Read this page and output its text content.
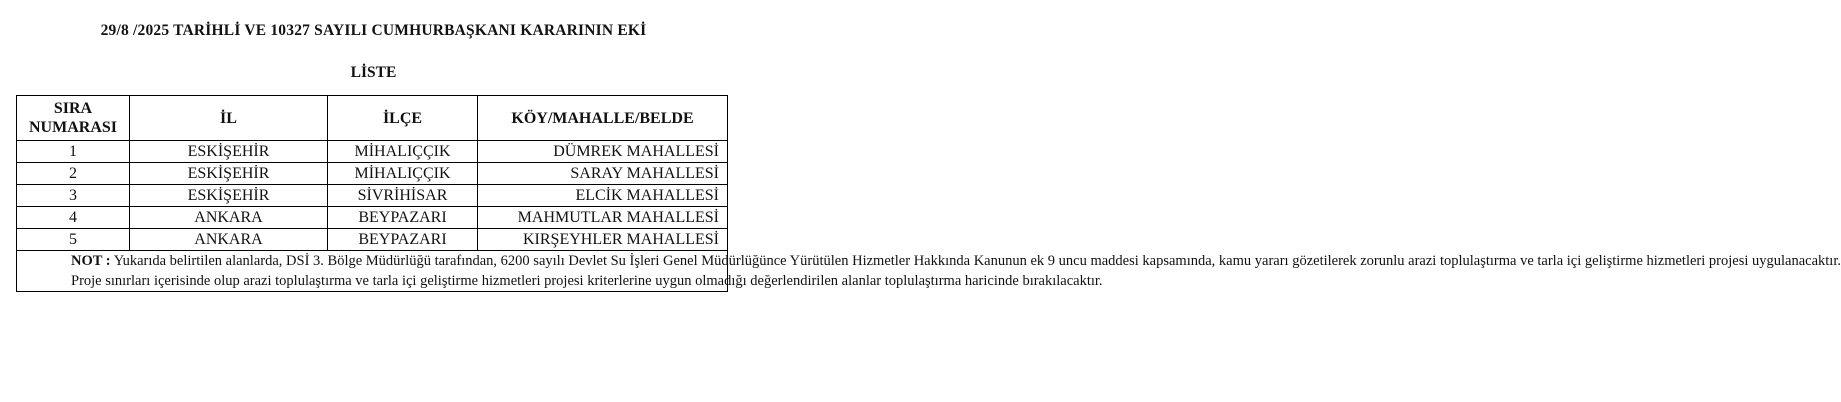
29/8 /2025 TARİHLİ VE 10327 SAYILI CUMHURBAŞKANI KARARININ EKİ
LİSTE
SIRA
NUMARASI	İL	İLÇE	KÖY/MAHALLE/BELDE
1	ESKİŞEHİR	MİHALIÇÇIK	DÜMREK MAHALLESİ
2	ESKİŞEHİR	MİHALIÇÇIK	SARAY MAHALLESİ
3	ESKİŞEHİR	SİVRİHİSAR	ELCİK MAHALLESİ
4	ANKARA	BEYPAZARI	MAHMUTLAR MAHALLESİ
5	ANKARA	BEYPAZARI	KIRŞEYHLER MAHALLESİ

NOT : Yukarıda belirtilen alanlarda, DSİ 3. Bölge Müdürlüğü tarafından, 6200 sayılı Devlet Su İşleri Genel Müdürlüğünce Yürütülen Hizmetler Hakkında Kanunun ek 9 uncu maddesi kapsamında, kamu yararı gözetilerek zorunlu arazi toplulaştırma ve tarla içi geliştirme hizmetleri projesi uygulanacaktır.

Proje sınırları içerisinde olup arazi toplulaştırma ve tarla içi geliştirme hizmetleri projesi kriterlerine uygun olmadığı değerlendirilen alanlar toplulaştırma haricinde bırakılacaktır.			
